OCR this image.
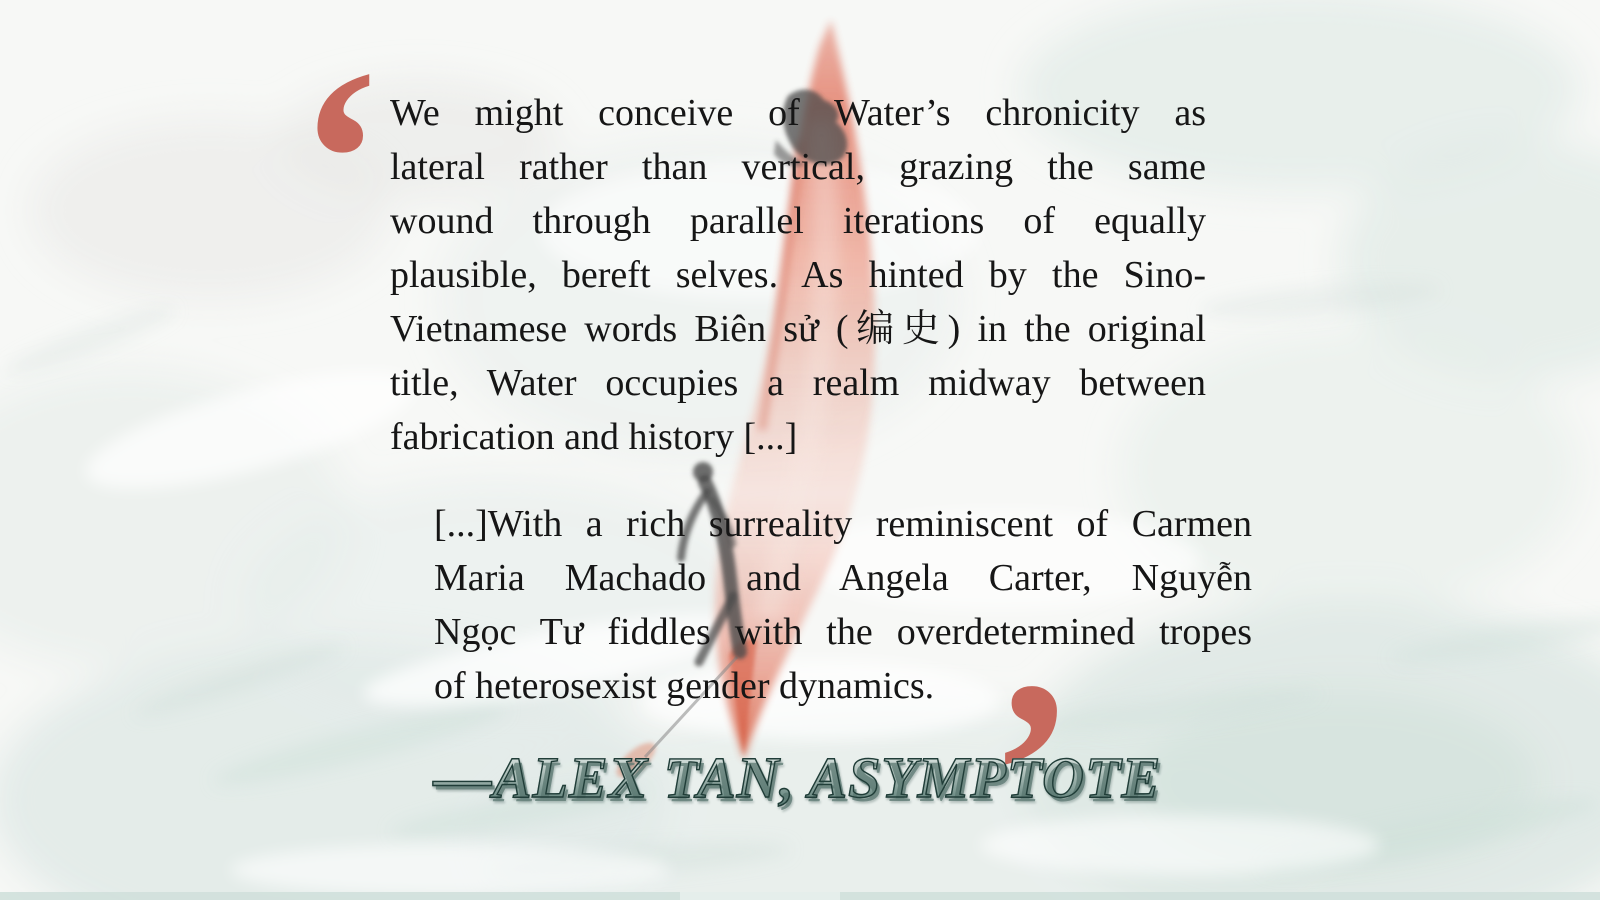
‘ We might conceive of Water’s chronicity as
lateral rather than vertical, grazing the same
wound through parallel iterations of equally
plausible, bereft selves. As hinted by the Sino-
Vietnamese words Biên sử (编史) in the original
title, Water occupies a realm midway between
fabrication and history [...]
[...]With a rich surreality reminiscent of Carmen
Maria Machado and Angela Carter, Nguyễn
Ngọc Tư fiddles with the overdetermined tropes
of heterosexist gender dynamics.
—ALEX TAN, ASYMPTOTE
